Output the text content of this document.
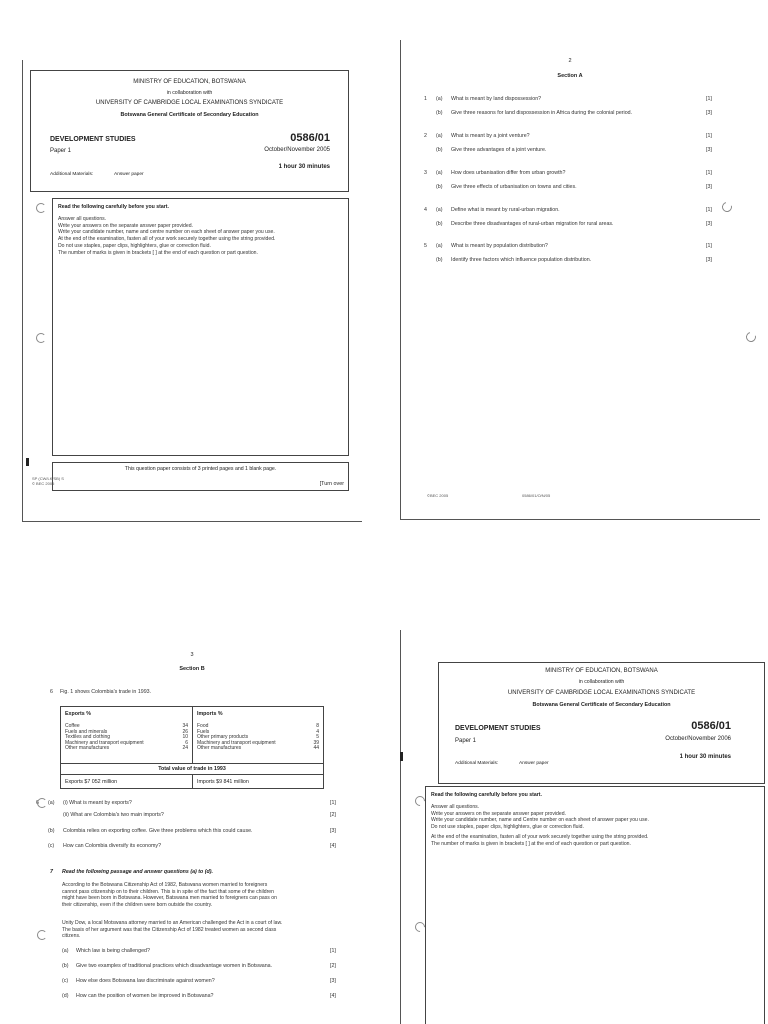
MINISTRY OF EDUCATION, BOTSWANA
in collaboration with
UNIVERSITY OF CAMBRIDGE LOCAL EXAMINATIONS SYNDICATE
Botswana General Certificate of Secondary Education
DEVELOPMENT STUDIES	0586/01
Paper 1	October/November 2005
1 hour 30 minutes
Additional Materials:	Answer paper
Read the following carefully before you start.
Answer all questions.
Write your answers on the separate answer paper provided.
Write your candidate number, name and centre number on each sheet of answer paper you use.
At the end of the examination, fasten all of your work securely together using the string provided.
Do not use staples, paper clips, highlighters, glue or correction fluid.
The number of marks is given in brackets [ ] at the end of each question or part question.
This question paper consists of 3 printed pages and 1 blank page.
[Turn over
SP (CW/LK/SB) S
© BEC 2005
2
Section A
1 (a) What is meant by land dispossession?	[1]
(b) Give three reasons for land dispossession in Africa during the colonial period.	[3]
2 (a) What is meant by a joint venture?	[1]
(b) Give three advantages of a joint venture.	[3]
3 (a) How does urbanisation differ from urban growth?	[1]
(b) Give three effects of urbanisation on towns and cities.	[3]
4 (a) Define what is meant by rural-urban migration.	[1]
(b) Describe three disadvantages of rural-urban migration for rural areas.	[3]
5 (a) What is meant by population distribution?	[1]
(b) Identify three factors which influence population distribution.	[3]
©BEC 2005	0586/01/O/N/05
3
Section B
6 Fig. 1 shows Colombia's trade in 1993.
Exports %	Imports %
Coffee	34
Fuels and minerals	26
Textiles and clothing	10
Machinery and transport equipment	6
Other manufactures	24
Food	8
Fuels	4
Other primary products	5
Machinery and transport equipment	39
Other manufactures	44
Total value of trade in 1993
Exports $7 052 million	Imports $9 841 million
6 (a) (i) What is meant by exports?	[1]
(ii) What are Colombia's two main imports?	[2]
(b) Colombia relies on exporting coffee. Give three problems which this could cause.	[3]
(c) How can Colombia diversify its economy?	[4]
7 Read the following passage and answer questions (a) to (d).
According to the Botswana Citizenship Act of 1982, Batswana women married to foreigners
cannot pass citizenship on to their children. This is in spite of the fact that some of the children
might have been born in Botswana. However, Batswana men married to foreigners can pass on
their citizenship, even if the children were born outside the country.
Unity Dow, a local Motswana attorney married to an American challenged the Act in a court of law.
The basis of her argument was that the Citizenship Act of 1982 treated women as second class
citizens.
(a) Which law is being challenged?	[1]
(b) Give two examples of traditional practices which disadvantage women in Botswana.	[2]
(c) How else does Botswana law discriminate against women?	[3]
(d) How can the position of women be improved in Botswana?	[4]
MINISTRY OF EDUCATION, BOTSWANA
in collaboration with
UNIVERSITY OF CAMBRIDGE LOCAL EXAMINATIONS SYNDICATE
Botswana General Certificate of Secondary Education
DEVELOPMENT STUDIES	0586/01
Paper 1	October/November 2006
1 hour 30 minutes
Additional Materials:	Answer paper
Read the following carefully before you start.
Answer all questions.
Write your answers on the separate answer paper provided.
Write your candidate number, name and Centre number on each sheet of answer paper you use.
Do not use staples, paper clips, highlighters, glue or correction fluid.
At the end of the examination, fasten all of your work securely together using the string provided.
The number of marks is given in brackets [ ] at the end of each question or part question.
